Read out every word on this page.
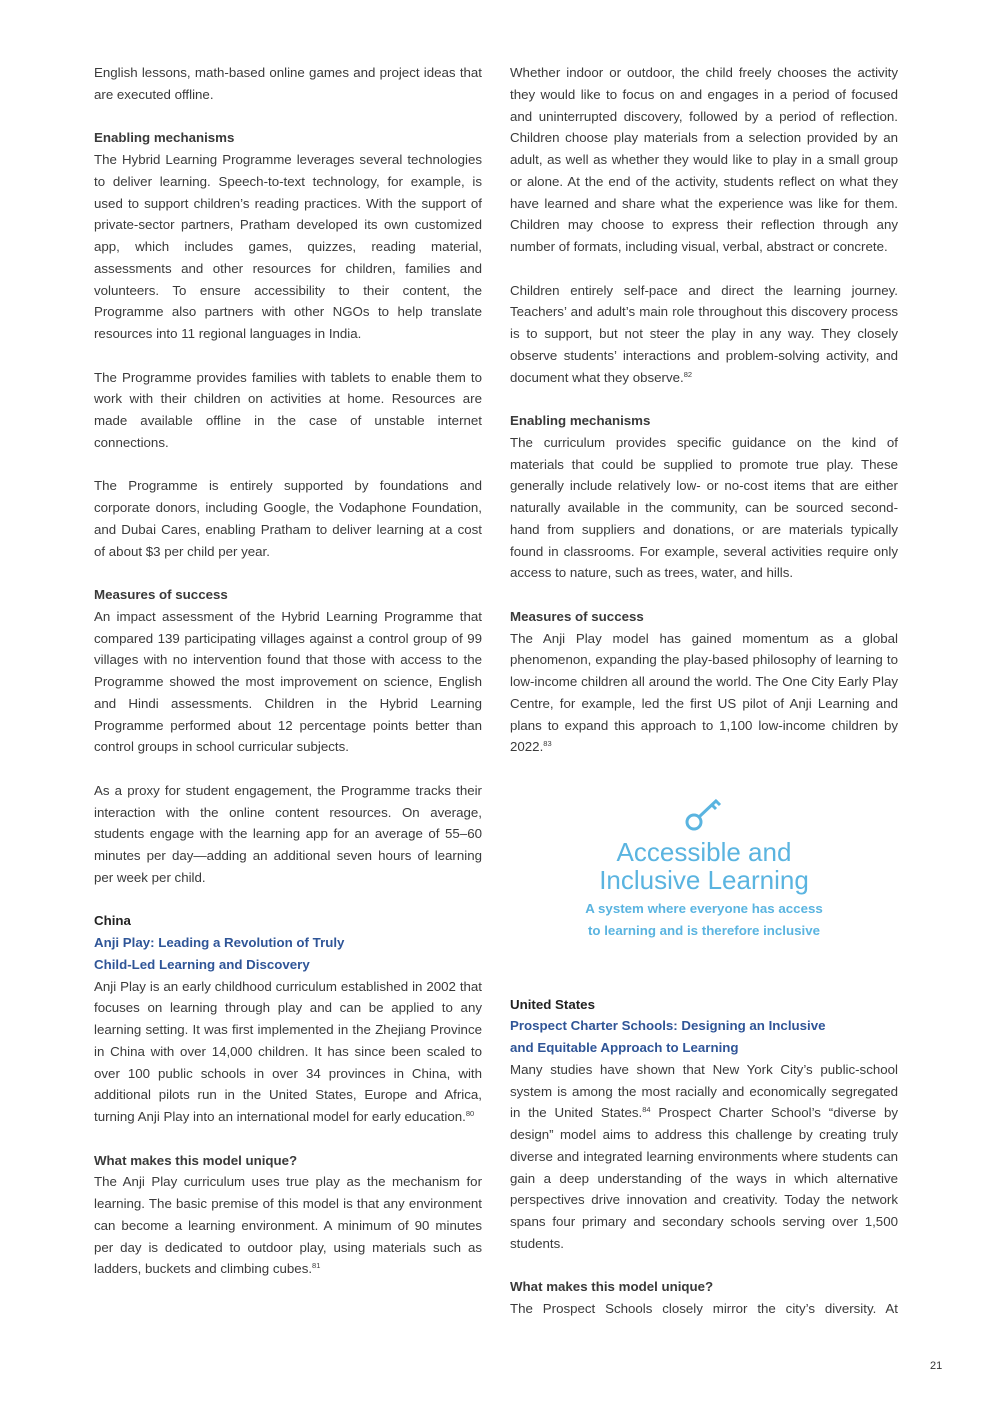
English lessons, math-based online games and project ideas that are executed offline.

Enabling mechanisms

The Hybrid Learning Programme leverages several technologies to deliver learning. Speech-to-text technology, for example, is used to support children’s reading practices. With the support of private-sector partners, Pratham developed its own customized app, which includes games, quizzes, reading material, assessments and other resources for children, families and volunteers. To ensure accessibility to their content, the Programme also partners with other NGOs to help translate resources into 11 regional languages in India.

The Programme provides families with tablets to enable them to work with their children on activities at home. Resources are made available offline in the case of unstable internet connections.

The Programme is entirely supported by foundations and corporate donors, including Google, the Vodaphone Foundation, and Dubai Cares, enabling Pratham to deliver learning at a cost of about $3 per child per year.

Measures of success

An impact assessment of the Hybrid Learning Programme that compared 139 participating villages against a control group of 99 villages with no intervention found that those with access to the Programme showed the most improvement on science, English and Hindi assessments. Children in the Hybrid Learning Programme performed about 12 percentage points better than control groups in school curricular subjects.

As a proxy for student engagement, the Programme tracks their interaction with the online content resources. On average, students engage with the learning app for an average of 55–60 minutes per day—adding an additional seven hours of learning per week per child.

China
Anji Play: Leading a Revolution of Truly
Child-Led Learning and Discovery

Anji Play is an early childhood curriculum established in 2002 that focuses on learning through play and can be applied to any learning setting. It was first implemented in the Zhejiang Province in China with over 14,000 children. It has since been scaled to over 100 public schools in over 34 provinces in China, with additional pilots run in the United States, Europe and Africa, turning Anji Play into an international model for early education.$^{80}$

What makes this model unique?

The Anji Play curriculum uses true play as the mechanism for learning. The basic premise of this model is that any environment can become a learning environment. A minimum of 90 minutes per day is dedicated to outdoor play, using materials such as ladders, buckets and climbing cubes.$^{81}$

Whether indoor or outdoor, the child freely chooses the activity they would like to focus on and engages in a period of focused and uninterrupted discovery, followed by a period of reflection. Children choose play materials from a selection provided by an adult, as well as whether they would like to play in a small group or alone. At the end of the activity, students reflect on what they have learned and share what the experience was like for them. Children may choose to express their reflection through any number of formats, including visual, verbal, abstract or concrete.

Children entirely self-pace and direct the learning journey. Teachers’ and adult’s main role throughout this discovery process is to support, but not steer the play in any way. They closely observe students’ interactions and problem-solving activity, and document what they observe.$^{82}$

Enabling mechanisms

The curriculum provides specific guidance on the kind of materials that could be supplied to promote true play. These generally include relatively low- or no-cost items that are either naturally available in the community, can be sourced second-hand from suppliers and donations, or are materials typically found in classrooms. For example, several activities require only access to nature, such as trees, water, and hills.

Measures of success

The Anji Play model has gained momentum as a global phenomenon, expanding the play-based philosophy of learning to low-income children all around the world. The One City Early Play Centre, for example, led the first US pilot of Anji Learning and plans to expand this approach to 1,100 low-income children by 2022.83

Accessible and
Inclusive Learning
A system where everyone has access
to learning and is therefore inclusive
United States
Prospect Charter Schools: Designing an Inclusive
and Equitable Approach to Learning

Many studies have shown that New York City’s public-school system is among the most racially and economically segregated in the United States.$^{84}$ Prospect Charter School’s “diverse by design” model aims to address this challenge by creating truly diverse and integrated learning environments where students can gain a deep understanding of the ways in which alternative perspectives drive innovation and creativity. Today the network spans four primary and secondary schools serving over 1,500 students.

What makes this model unique?

The Prospect Schools closely mirror the city’s diversity. At

21
